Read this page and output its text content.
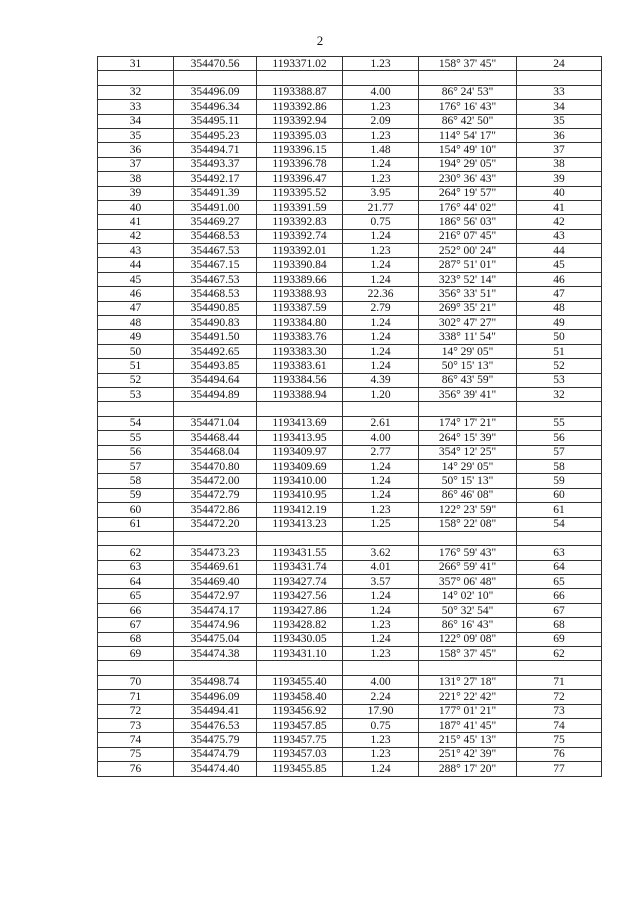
2
31	354470.56	1193371.02	1.23	158° 37' 45"	24

32	354496.09	1193388.87	4.00	86° 24' 53"	33
33	354496.34	1193392.86	1.23	176° 16' 43"	34
34	354495.11	1193392.94	2.09	86° 42' 50"	35
35	354495.23	1193395.03	1.23	114° 54' 17"	36
36	354494.71	1193396.15	1.48	154° 49' 10"	37
37	354493.37	1193396.78	1.24	194° 29' 05"	38
38	354492.17	1193396.47	1.23	230° 36' 43"	39
39	354491.39	1193395.52	3.95	264° 19' 57"	40
40	354491.00	1193391.59	21.77	176° 44' 02"	41
41	354469.27	1193392.83	0.75	186° 56' 03"	42
42	354468.53	1193392.74	1.24	216° 07' 45"	43
43	354467.53	1193392.01	1.23	252° 00' 24"	44
44	354467.15	1193390.84	1.24	287° 51' 01"	45
45	354467.53	1193389.66	1.24	323° 52' 14"	46
46	354468.53	1193388.93	22.36	356° 33' 51"	47
47	354490.85	1193387.59	2.79	269° 35' 21"	48
48	354490.83	1193384.80	1.24	302° 47' 27"	49
49	354491.50	1193383.76	1.24	338° 11' 54"	50
50	354492.65	1193383.30	1.24	14° 29' 05"	51
51	354493.85	1193383.61	1.24	50° 15' 13"	52
52	354494.64	1193384.56	4.39	86° 43' 59"	53
53	354494.89	1193388.94	1.20	356° 39' 41"	32

54	354471.04	1193413.69	2.61	174° 17' 21"	55
55	354468.44	1193413.95	4.00	264° 15' 39"	56
56	354468.04	1193409.97	2.77	354° 12' 25"	57
57	354470.80	1193409.69	1.24	14° 29' 05"	58
58	354472.00	1193410.00	1.24	50° 15' 13"	59
59	354472.79	1193410.95	1.24	86° 46' 08"	60
60	354472.86	1193412.19	1.23	122° 23' 59"	61
61	354472.20	1193413.23	1.25	158° 22' 08"	54

62	354473.23	1193431.55	3.62	176° 59' 43"	63
63	354469.61	1193431.74	4.01	266° 59' 41"	64
64	354469.40	1193427.74	3.57	357° 06' 48"	65
65	354472.97	1193427.56	1.24	14° 02' 10"	66
66	354474.17	1193427.86	1.24	50° 32' 54"	67
67	354474.96	1193428.82	1.23	86° 16' 43"	68
68	354475.04	1193430.05	1.24	122° 09' 08"	69
69	354474.38	1193431.10	1.23	158° 37' 45"	62

70	354498.74	1193455.40	4.00	131° 27' 18"	71
71	354496.09	1193458.40	2.24	221° 22' 42"	72
72	354494.41	1193456.92	17.90	177° 01' 21"	73
73	354476.53	1193457.85	0.75	187° 41' 45"	74
74	354475.79	1193457.75	1.23	215° 45' 13"	75
75	354474.79	1193457.03	1.23	251° 42' 39"	76
76	354474.40	1193455.85	1.24	288° 17' 20"	77
